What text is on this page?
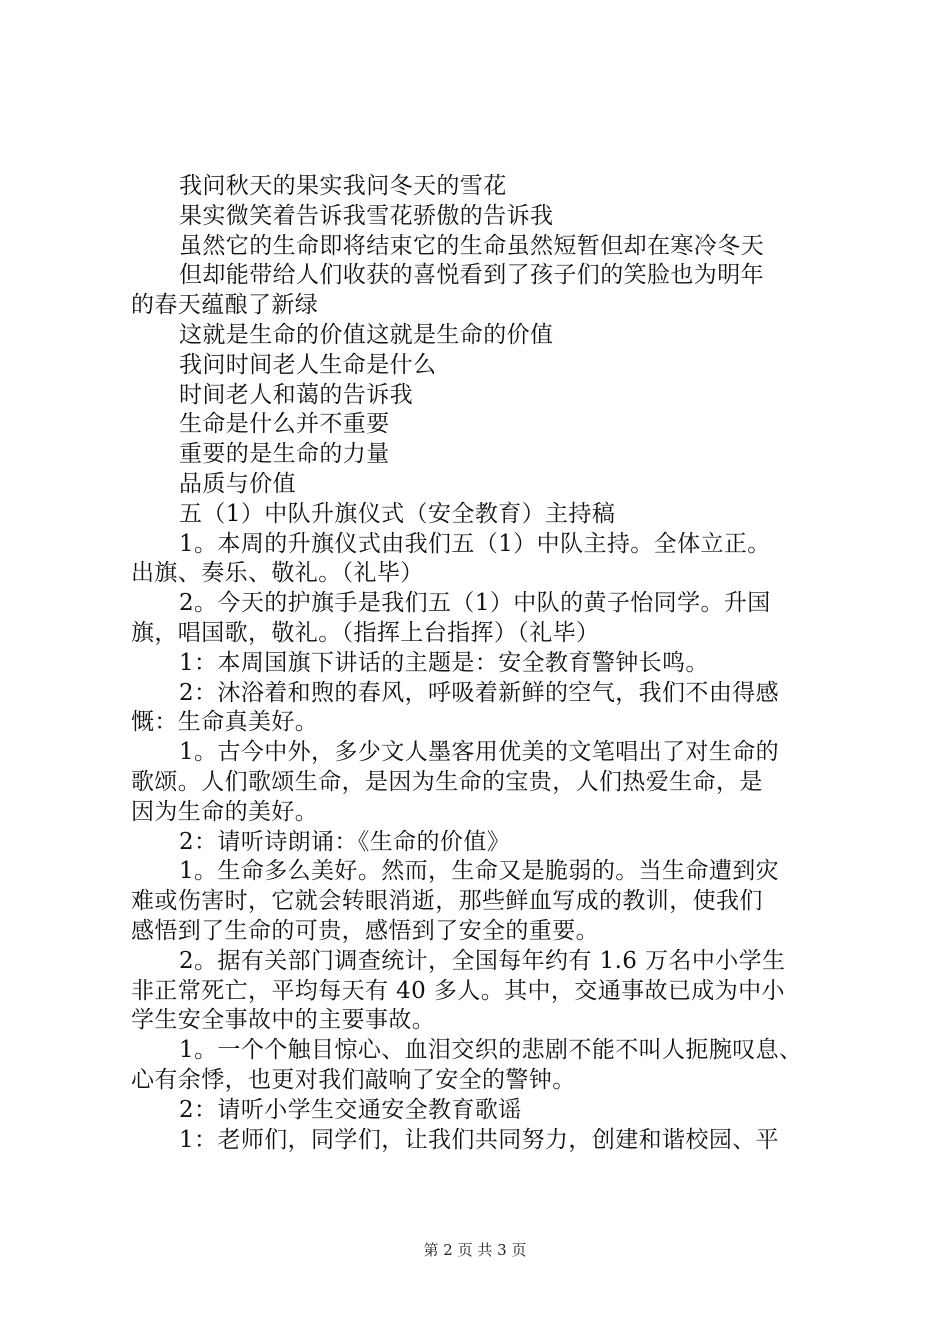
我问秋天的果实我问冬天的雪花
果实微笑着告诉我雪花骄傲的告诉我
虽然它的生命即将结束它的生命虽然短暂但却在寒冷冬天
但却能带给人们收获的喜悦看到了孩子们的笑脸也为明年
的春天蕴酿了新绿
这就是生命的价值这就是生命的价值
我问时间老人生命是什么
时间老人和蔼的告诉我
生命是什么并不重要
重要的是生命的力量
品质与价值
五（1）中队升旗仪式（安全教育）主持稿
1。本周的升旗仪式由我们五（1）中队主持。全体立正。
出旗、奏乐、敬礼。（礼毕）
2。今天的护旗手是我们五（1）中队的黄子怡同学。升国
旗，唱国歌，敬礼。（指挥上台指挥）（礼毕）
1：本周国旗下讲话的主题是：安全教育警钟长鸣。
2：沐浴着和煦的春风，呼吸着新鲜的空气，我们不由得感
慨：生命真美好。
1。古今中外，多少文人墨客用优美的文笔唱出了对生命的
歌颂。人们歌颂生命，是因为生命的宝贵，人们热爱生命，是
因为生命的美好。
2：请听诗朗诵：《生命的价值》
1。生命多么美好。然而，生命又是脆弱的。当生命遭到灾
难或伤害时，它就会转眼消逝，那些鲜血写成的教训，使我们
感悟到了生命的可贵，感悟到了安全的重要。
2。据有关部门调查统计，全国每年约有 1.6 万名中小学生
非正常死亡，平均每天有 40 多人。其中，交通事故已成为中小
学生安全事故中的主要事故。
1。一个个触目惊心、血泪交织的悲剧不能不叫人扼腕叹息、
心有余悸，也更对我们敲响了安全的警钟。
2：请听小学生交通安全教育歌谣
1：老师们，同学们，让我们共同努力，创建和谐校园、平
第 2 页 共 3 页
